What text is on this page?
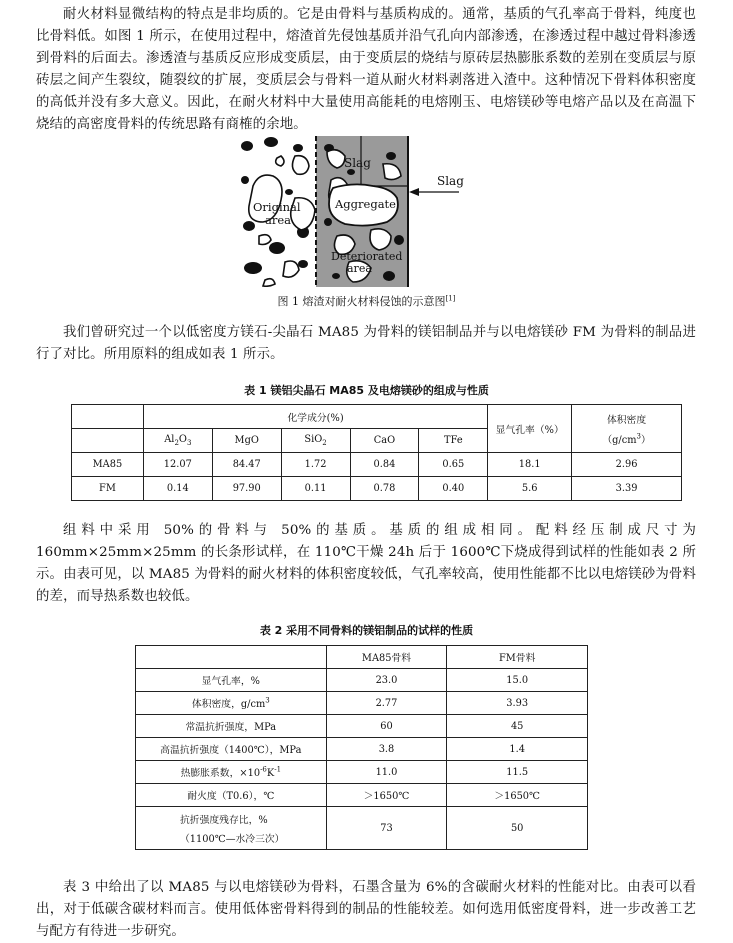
耐火材料显微结构的特点是非均质的。它是由骨料与基质构成的。通常，基质的气孔率高于骨料，纯度也比骨料低。如图 1 所示，在使用过程中，熔渣首先侵蚀基质并沿气孔向内部渗透，在渗透过程中越过骨料渗透到骨料的后面去。渗透渣与基质反应形成变质层，由于变质层的烧结与原砖层热膨胀系数的差别在变质层与原砖层之间产生裂纹，随裂纹的扩展，变质层会与骨料一道从耐火材料剥落进入渣中。这种情况下骨料体积密度的高低并没有多大意义。因此，在耐火材料中大量使用高能耗的电熔刚玉、电熔镁砂等电熔产品以及在高温下烧结的高密度骨料的传统思路有商榷的余地。

Slag
Slag
Original
area
Aggregate
Deteriorated
area
图 1 熔渣对耐火材料侵蚀的示意图[1]

我们曾研究过一个以低密度方镁石-尖晶石 MA85 为骨料的镁铝制品并与以电熔镁砂 FM 为骨料的制品进行了对比。所用原料的组成如表 1 所示。

表 1 镁铝尖晶石 MA85 及电熔镁砂的组成与性质
	化学成分(%)					显气孔率（%）	体积密度
$(g/cm^3)$

	$Al_2O_3$	MgO	SiO$_2$	CaO	TFe		
MA85	12.07	84.47	1.72	0.84	0.65	18.1	2.96
FM	0.14	97.90	0.11	0.78	0.40	5.6	3.39

组料中采用 50%的骨料与 50%的基质。基质的组成相同。配料经压制成尺寸为 160mm×25mm×25mm 的长条形试样，在 110℃干燥 24h 后于 1600℃下烧成得到试样的性能如表 2 所示。由表可见，以 MA85 为骨料的耐火材料的体积密度较低，气孔率较高，使用性能都不比以电熔镁砂为骨料的差，而导热系数也较低。

表 2 采用不同骨料的镁铝制品的试样的性质
	MA85骨料	FM骨料
显气孔率，%	23.0	15.0
体积密度，$g/cm^3$	2.77	3.93
常温抗折强度，MPa	60	45
高温抗折强度（1400℃），MPa	3.8	1.4
热膨胀系数，$\times 10^{-6}K^{-1}$	11.0	11.5
耐火度（T0.6），℃	＞1650℃	＞1650℃

抗折强度残存比，%
（1100℃—水冷三次）	73	50

表 3 中给出了以 MA85 与以电熔镁砂为骨料，石墨含量为 6%的含碳耐火材料的性能对比。由表可以看出，对于低碳含碳材料而言。使用低体密骨料得到的制品的性能较差。如何选用低密度骨料，进一步改善工艺与配方有待进一步研究。
